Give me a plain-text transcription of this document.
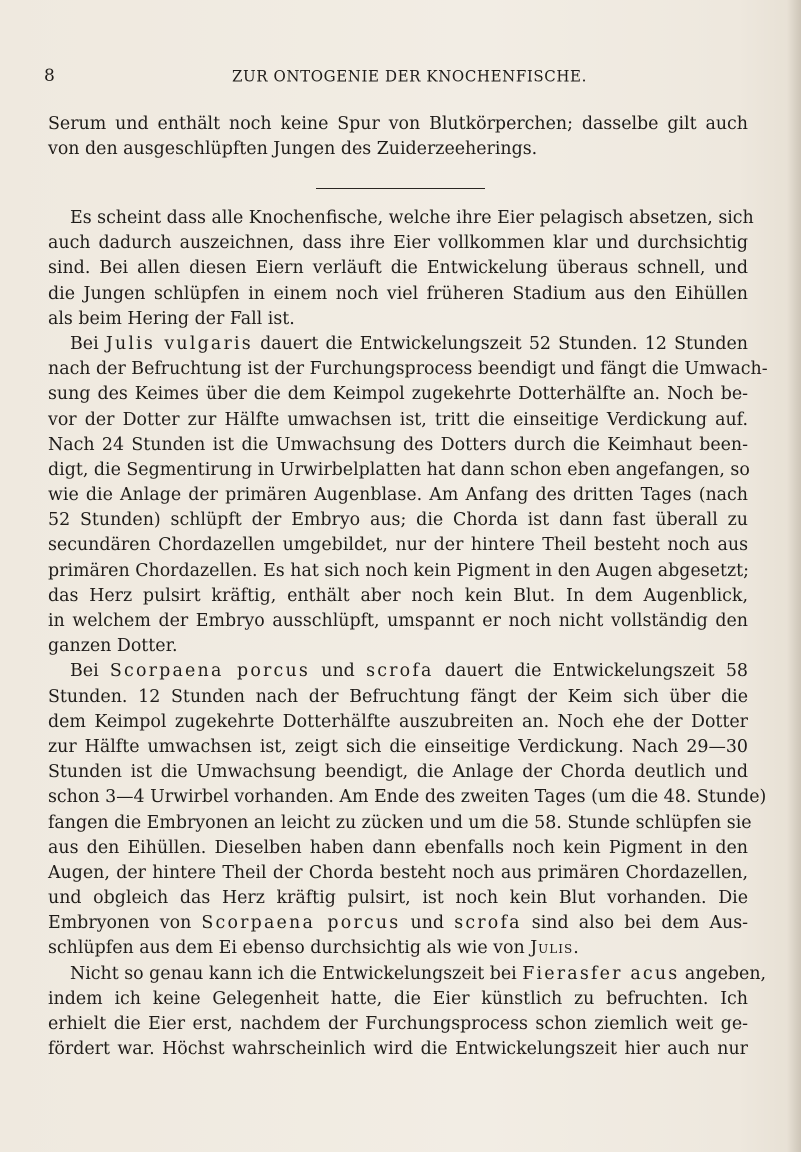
8	ZUR ONTOGENIE DER KNOCHENFISCHE.
Serum und enthält noch keine Spur von Blutkörperchen; dasselbe gilt auch
von den ausgeschlüpften Jungen des Zuiderzeeherings.
Es scheint dass alle Knochenfische, welche ihre Eier pelagisch absetzen, sich
auch dadurch auszeichnen, dass ihre Eier vollkommen klar und durchsichtig
sind. Bei allen diesen Eiern verläuft die Entwickelung überaus schnell, und
die Jungen schlüpfen in einem noch viel früheren Stadium aus den Eihüllen
als beim Hering der Fall ist.
Bei Julis vulgaris dauert die Entwickelungszeit 52 Stunden. 12 Stunden
nach der Befruchtung ist der Furchungsprocess beendigt und fängt die Umwach-
sung des Keimes über die dem Keimpol zugekehrte Dotterhälfte an. Noch be-
vor der Dotter zur Hälfte umwachsen ist, tritt die einseitige Verdickung auf.
Nach 24 Stunden ist die Umwachsung des Dotters durch die Keimhaut been-
digt, die Segmentirung in Urwirbelplatten hat dann schon eben angefangen, so
wie die Anlage der primären Augenblase. Am Anfang des dritten Tages (nach
52 Stunden) schlüpft der Embryo aus; die Chorda ist dann fast überall zu
secundären Chordazellen umgebildet, nur der hintere Theil besteht noch aus
primären Chordazellen. Es hat sich noch kein Pigment in den Augen abgesetzt;
das Herz pulsirt kräftig, enthält aber noch kein Blut. In dem Augenblick,
in welchem der Embryo ausschlüpft, umspannt er noch nicht vollständig den
ganzen Dotter.
Bei Scorpaena porcus und scrofa dauert die Entwickelungszeit 58
Stunden. 12 Stunden nach der Befruchtung fängt der Keim sich über die
dem Keimpol zugekehrte Dotterhälfte auszubreiten an. Noch ehe der Dotter
zur Hälfte umwachsen ist, zeigt sich die einseitige Verdickung. Nach 29—30
Stunden ist die Umwachsung beendigt, die Anlage der Chorda deutlich und
schon 3—4 Urwirbel vorhanden. Am Ende des zweiten Tages (um die 48. Stunde)
fangen die Embryonen an leicht zu zücken und um die 58. Stunde schlüpfen sie
aus den Eihüllen. Dieselben haben dann ebenfalls noch kein Pigment in den
Augen, der hintere Theil der Chorda besteht noch aus primären Chordazellen,
und obgleich das Herz kräftig pulsirt, ist noch kein Blut vorhanden. Die
Embryonen von Scorpaena porcus und scrofa sind also bei dem Aus-
schlüpfen aus dem Ei ebenso durchsichtig als wie von Julis.
Nicht so genau kann ich die Entwickelungszeit bei Fierasfer acus angeben,
indem ich keine Gelegenheit hatte, die Eier künstlich zu befruchten. Ich
erhielt die Eier erst, nachdem der Furchungsprocess schon ziemlich weit ge-
fördert war. Höchst wahrscheinlich wird die Entwickelungszeit hier auch nur
